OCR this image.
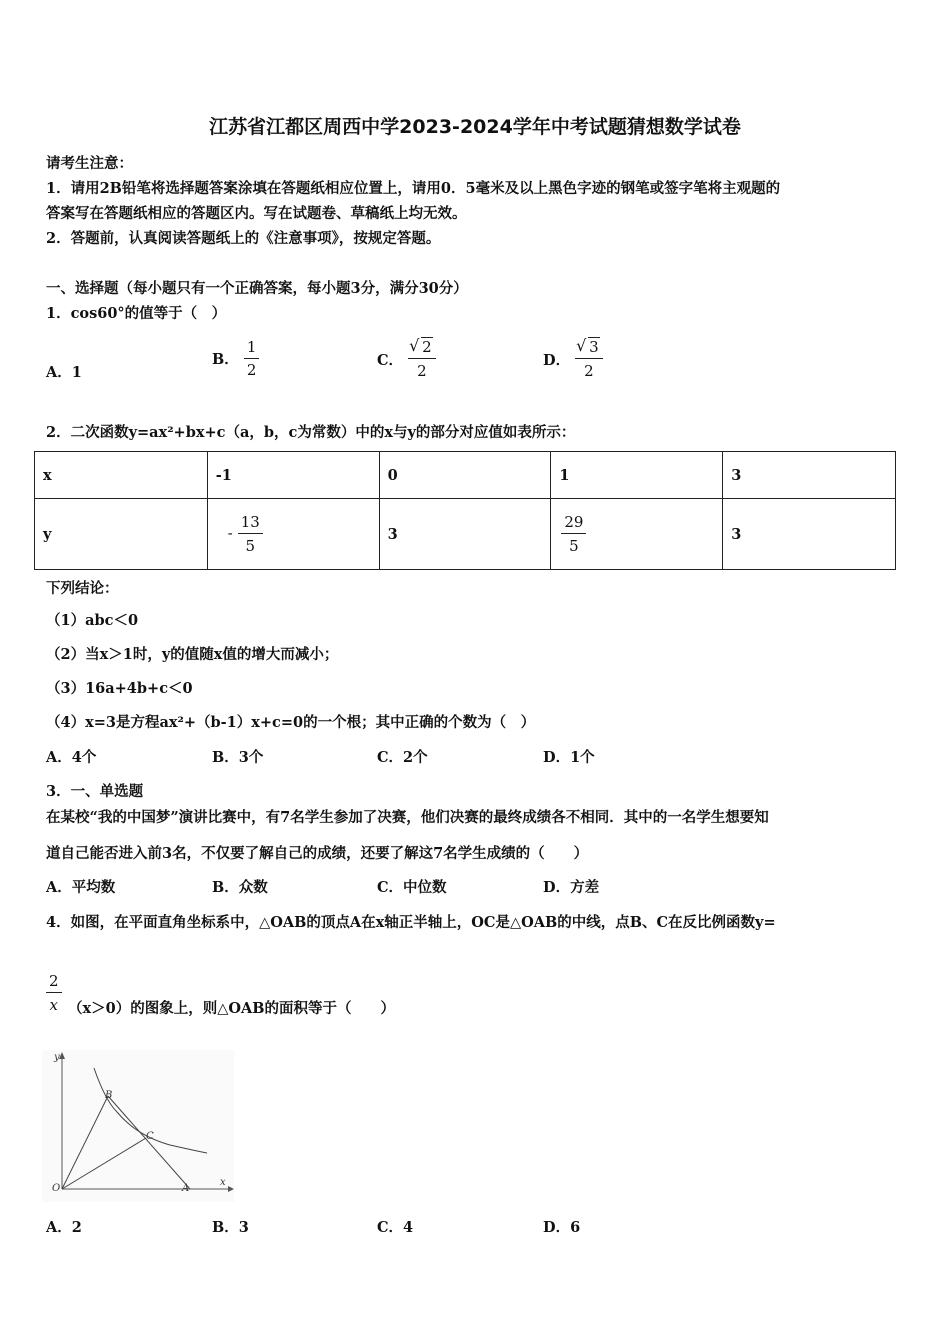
江苏省江都区周西中学2023-2024学年中考试题猜想数学试卷
请考生注意：
1．请用2B铅笔将选择题答案涂填在答题纸相应位置上，请用0．5毫米及以上黑色字迹的钢笔或签字笔将主观题的
答案写在答题纸相应的答题区内。写在试题卷、草稿纸上均无效。
2．答题前，认真阅读答题纸上的《注意事项》，按规定答题。
一、选择题（每小题只有一个正确答案，每小题3分，满分30分）
1．cos60°的值等于（　）
A．1
B． $\frac{1}{2}$	C． √ $\frac{2}{2}$	D． √ $\frac{3}{2}$
2．二次函数y=ax²+bx+c（a，b，c为常数）中的x与y的部分对应值如表所示：
x	-1	0	1	3
y	- $\frac{13}{5}$	3	$\frac{29}{5}$	3
下列结论：
（1）abc＜0
（2）当x＞1时，y的值随x值的增大而减小；
（3）16a+4b+c＜0
（4）x=3是方程ax²+（b-1）x+c=0的一个根；其中正确的个数为（　）
A．4个	B．3个	C．2个	D．1个
3．一、单选题
在某校“我的中国梦”演讲比赛中，有7名学生参加了决赛，他们决赛的最终成绩各不相同．其中的一名学生想要知
道自己能否进入前3名，不仅要了解自己的成绩，还要了解这7名学生成绩的（　　）
A．平均数	B．众数	C．中位数	D．方差
4．如图，在平面直角坐标系中，△OAB的顶点A在x轴正半轴上，OC是△OAB的中线，点B、C在反比例函数y=
$\frac{2}{x} (x>0)$的图象上，则△OAB的面积等于（　　）
y
x
O	A
B
C
A．2	B．3	C．4	D．6
